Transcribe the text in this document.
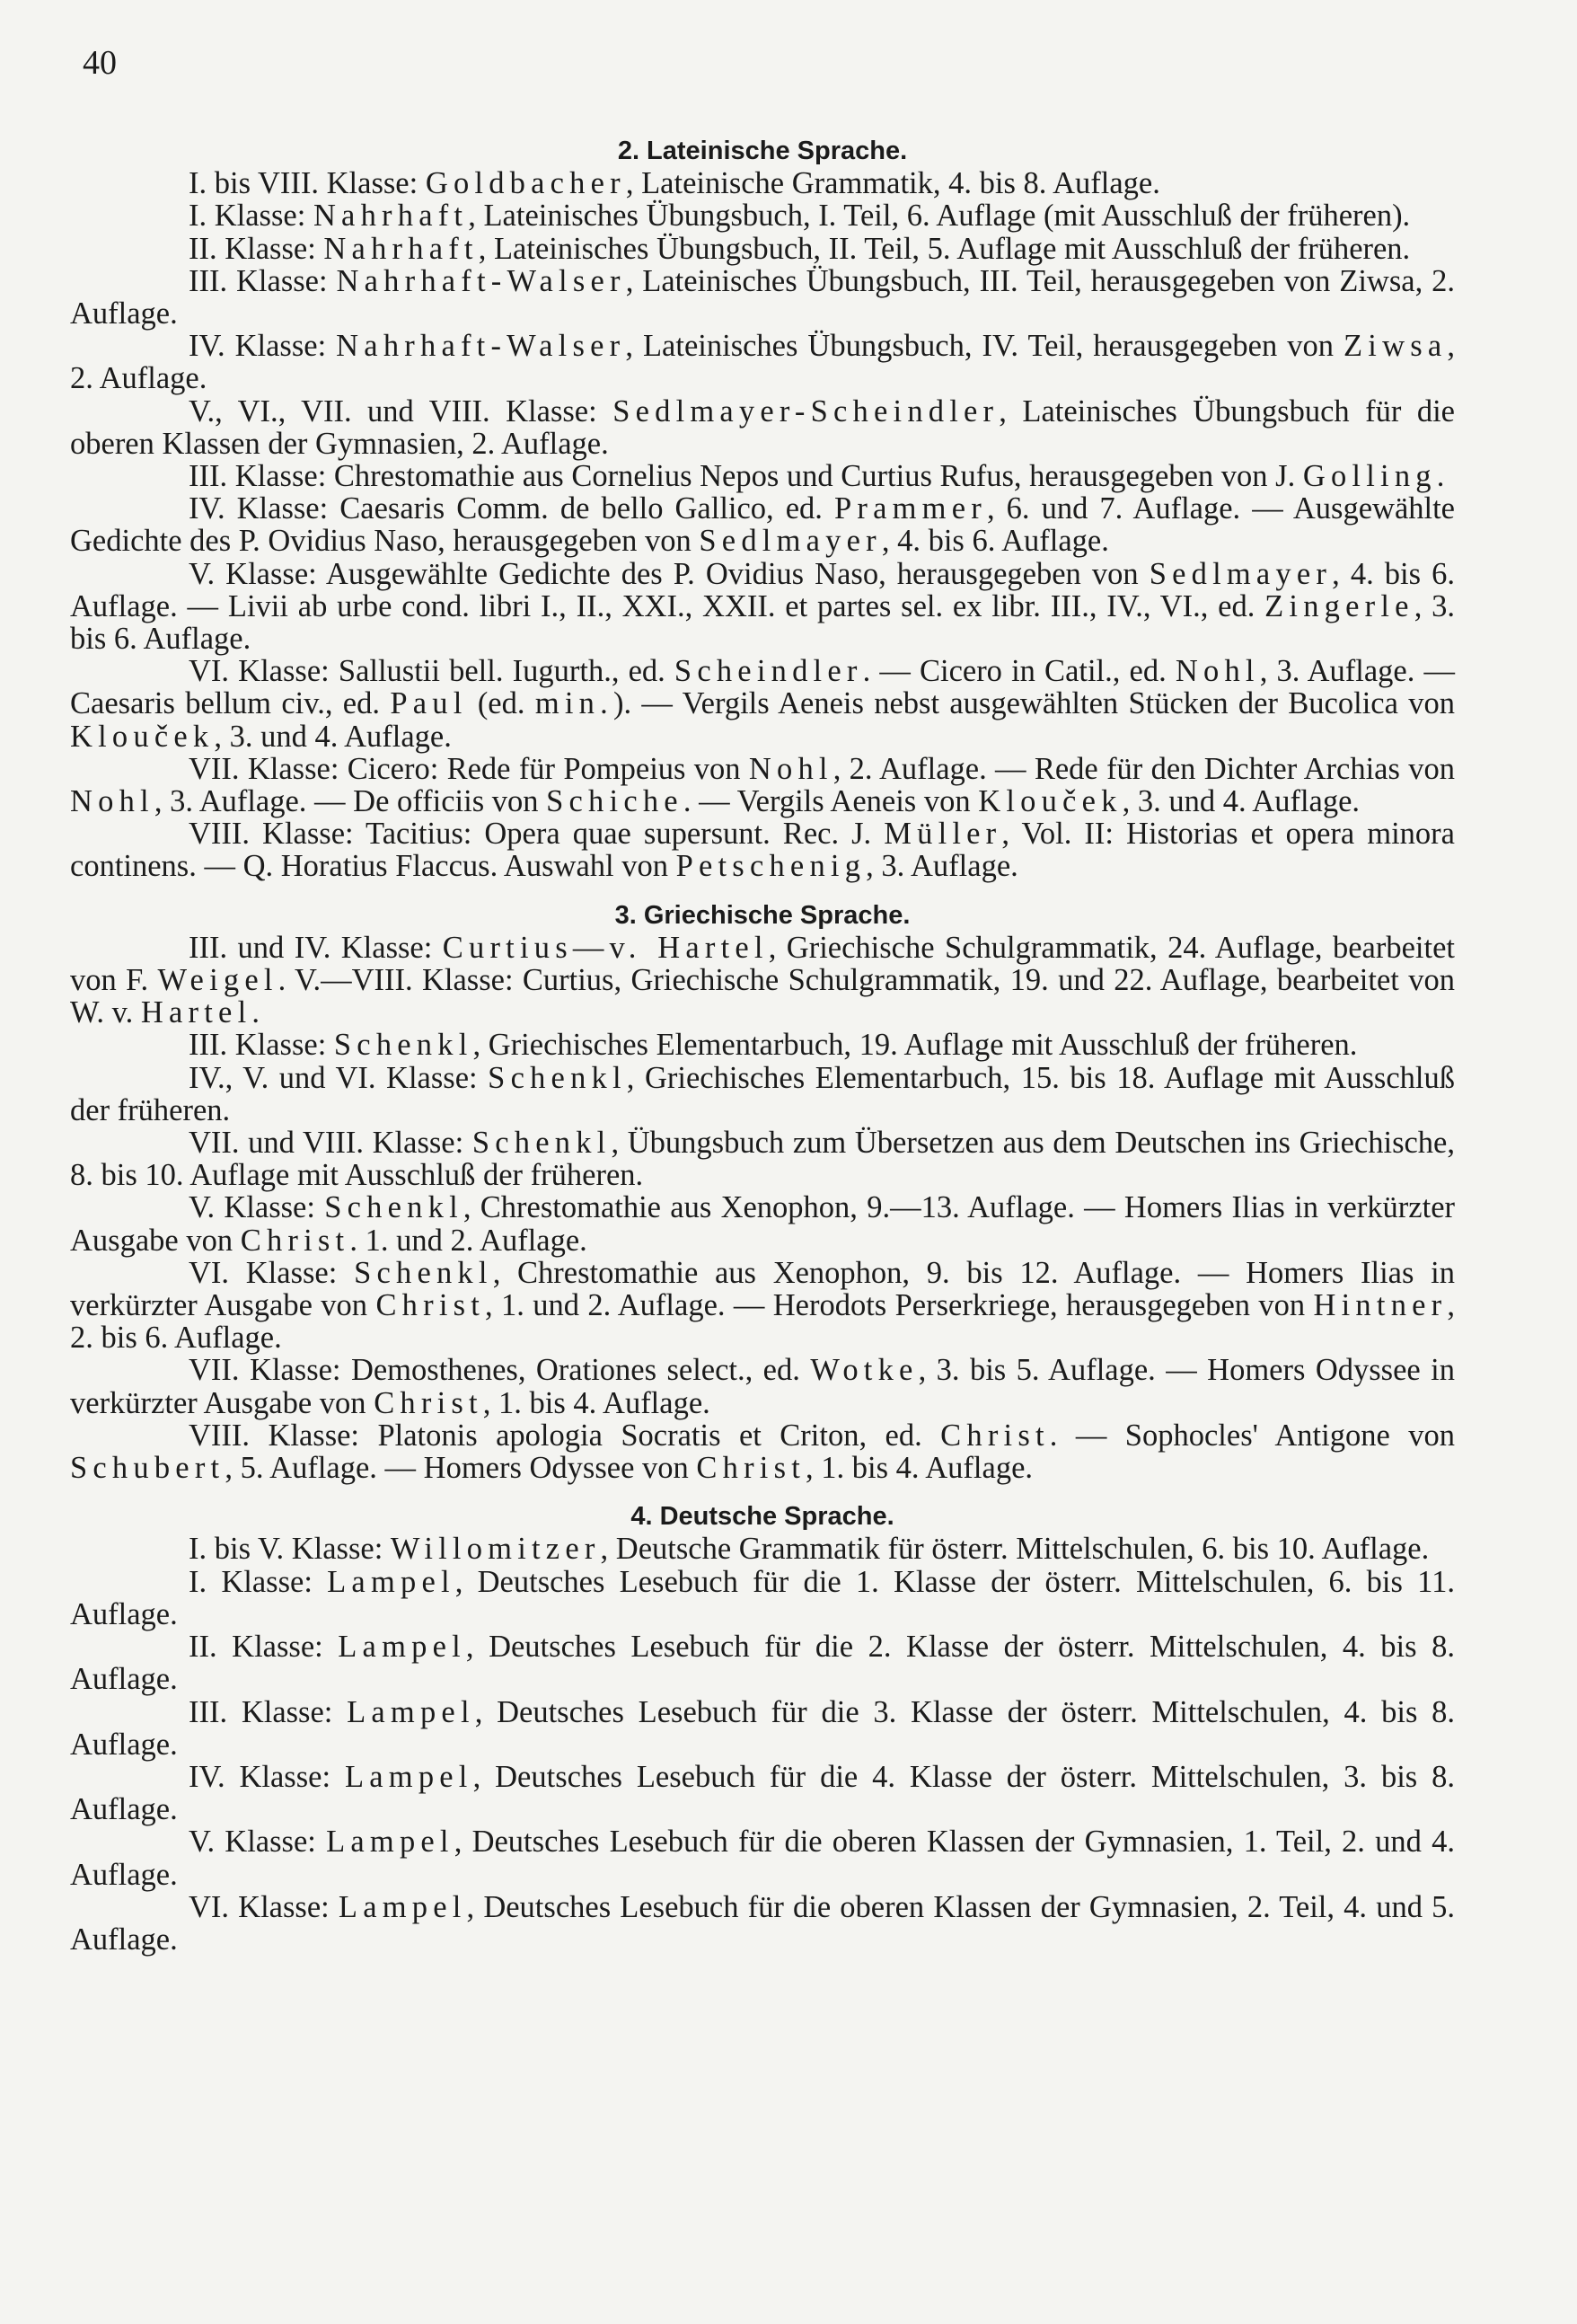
40
2. Lateinische Sprache.

I. bis VIII. Klasse: Goldbacher, Lateinische Grammatik, 4. bis 8. Auflage.

I. Klasse: Nahrhaft, Lateinisches Übungsbuch, I. Teil, 6. Auflage (mit Ausschluß der früheren).

II. Klasse: Nahrhaft, Lateinisches Übungsbuch, II. Teil, 5. Auflage mit Ausschluß der früheren.

III. Klasse: Nahrhaft-Walser, Lateinisches Übungsbuch, III. Teil, herausgegeben von Ziwsa, 2. Auflage.

IV. Klasse: Nahrhaft-Walser, Lateinisches Übungsbuch, IV. Teil, herausgegeben von Ziwsa, 2. Auflage.

V., VI., VII. und VIII. Klasse: Sedlmayer-Scheindler, Lateinisches Übungsbuch für die oberen Klassen der Gymnasien, 2. Auflage.

III. Klasse: Chrestomathie aus Cornelius Nepos und Curtius Rufus, herausgegeben von J. Golling.

IV. Klasse: Caesaris Comm. de bello Gallico, ed. Prammer, 6. und 7. Auflage. — Ausgewählte Gedichte des P. Ovidius Naso, herausgegeben von Sedlmayer, 4. bis 6. Auflage.

V. Klasse: Ausgewählte Gedichte des P. Ovidius Naso, herausgegeben von Sedlmayer, 4. bis 6. Auflage. — Livii ab urbe cond. libri I., II., XXI., XXII. et partes sel. ex libr. III., IV., VI., ed. Zingerle, 3. bis 6. Auflage.

VI. Klasse: Sallustii bell. Iugurth., ed. Scheindler. — Cicero in Catil., ed. Nohl, 3. Auflage. — Caesaris bellum civ., ed. Paul (ed. min.). — Vergils Aeneis nebst ausgewählten Stücken der Bucolica von Klouček, 3. und 4. Auflage.

VII. Klasse: Cicero: Rede für Pompeius von Nohl, 2. Auflage. — Rede für den Dichter Archias von Nohl, 3. Auflage. — De officiis von Schiche. — Vergils Aeneis von Klouček, 3. und 4. Auflage.

VIII. Klasse: Tacitius: Opera quae supersunt. Rec. J. Müller, Vol. II: Historias et opera minora continens. — Q. Horatius Flaccus. Auswahl von Petschenig, 3. Auflage.

3. Griechische Sprache.

III. und IV. Klasse: Curtius—v. Hartel, Griechische Schulgrammatik, 24. Auflage, bearbeitet von F. Weigel. V.—VIII. Klasse: Curtius, Griechische Schulgrammatik, 19. und 22. Auflage, bearbeitet von W. v. Hartel.

III. Klasse: Schenkl, Griechisches Elementarbuch, 19. Auflage mit Ausschluß der früheren.

IV., V. und VI. Klasse: Schenkl, Griechisches Elementarbuch, 15. bis 18. Auflage mit Ausschluß der früheren.

VII. und VIII. Klasse: Schenkl, Übungsbuch zum Übersetzen aus dem Deutschen ins Griechische, 8. bis 10. Auflage mit Ausschluß der früheren.

V. Klasse: Schenkl, Chrestomathie aus Xenophon, 9.—13. Auflage. — Homers Ilias in verkürzter Ausgabe von Christ. 1. und 2. Auflage.

VI. Klasse: Schenkl, Chrestomathie aus Xenophon, 9. bis 12. Auflage. — Homers Ilias in verkürzter Ausgabe von Christ, 1. und 2. Auflage. — Herodots Perserkriege, herausgegeben von Hintner, 2. bis 6. Auflage.

VII. Klasse: Demosthenes, Orationes select., ed. Wotke, 3. bis 5. Auflage. — Homers Odyssee in verkürzter Ausgabe von Christ, 1. bis 4. Auflage.

VIII. Klasse: Platonis apologia Socratis et Criton, ed. Christ. — Sophocles' Antigone von Schubert, 5. Auflage. — Homers Odyssee von Christ, 1. bis 4. Auflage.

4. Deutsche Sprache.

I. bis V. Klasse: Willomitzer, Deutsche Grammatik für österr. Mittelschulen, 6. bis 10. Auflage.

I. Klasse: Lampel, Deutsches Lesebuch für die 1. Klasse der österr. Mittelschulen, 6. bis 11. Auflage.

II. Klasse: Lampel, Deutsches Lesebuch für die 2. Klasse der österr. Mittelschulen, 4. bis 8. Auflage.

III. Klasse: Lampel, Deutsches Lesebuch für die 3. Klasse der österr. Mittelschulen, 4. bis 8. Auflage.

IV. Klasse: Lampel, Deutsches Lesebuch für die 4. Klasse der österr. Mittelschulen, 3. bis 8. Auflage.

V. Klasse: Lampel, Deutsches Lesebuch für die oberen Klassen der Gymnasien, 1. Teil, 2. und 4. Auflage.

VI. Klasse: Lampel, Deutsches Lesebuch für die oberen Klassen der Gymnasien, 2. Teil, 4. und 5. Auflage.
